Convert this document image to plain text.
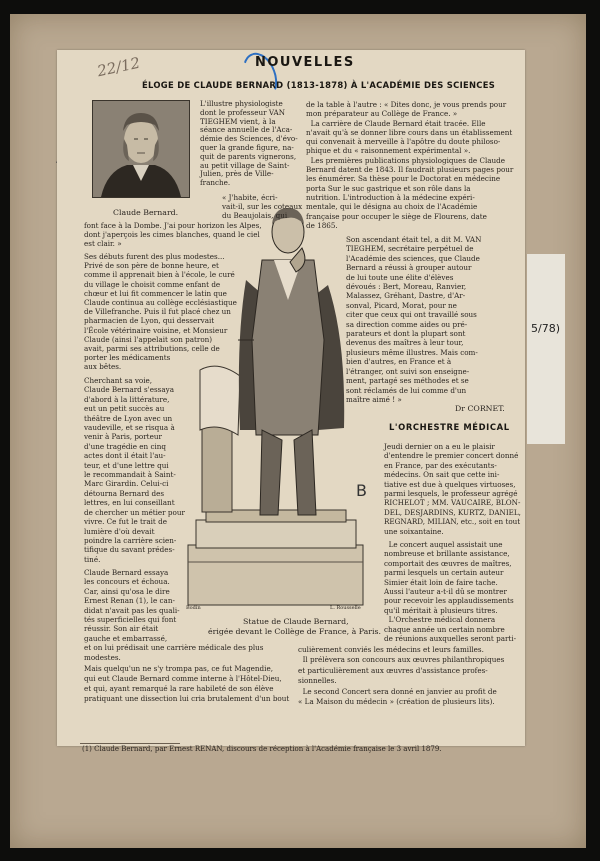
5/78)
22/12	NOUVELLES
ÉLOGE DE CLAUDE BERNARD (1813-1878) À L'ACADÉMIE DES SCIENCES
Claude Bernard.
Bodin	L. Rousselle
Statue de Claude Bernard,
érigée devant le Collège de France, à Paris.
B
L'illustre physiologiste
dont le professeur VAN
TIEGHEM vient, à la
séance annuelle de l'Aca-
démie des Sciences, d'évo-
quer la grande figure, na-
quit de parents vignerons,
au petit village de Saint-
Julien, près de Ville-
franche.
« J'habite, écri-
vait-il, sur les coteaux
du Beaujolais, qui
font face à la Dombe. J'ai pour horizon les Alpes,
dont j'aperçois les cimes blanches, quand le ciel
est clair. »
Ses débuts furent des plus modestes...
Privé de son père de bonne heure, et
comme il apprenait bien à l'école, le curé
du village le choisit comme enfant de
chœur et lui fit commencer le latin que
Claude continua au collège ecclésiastique
de Villefranche. Puis il fut placé chez un
pharmacien de Lyon, qui desservait
l'École vétérinaire voisine, et Monsieur
Claude (ainsi l'appelait son patron)
avait, parmi ses attributions, celle de
porter les médicaments
aux bêtes.
Cherchant sa voie,
Claude Bernard s'essaya
d'abord à la littérature,
eut un petit succès au
théâtre de Lyon avec un
vaudeville, et se risqua à
venir à Paris, porteur
d'une tragédie en cinq
actes dont il était l'au-
teur, et d'une lettre qui
le recommandait à Saint-
Marc Girardin. Celui-ci
détourna Bernard des
lettres, en lui conseillant
de chercher un métier pour
vivre. Ce fut le trait de
lumière d'où devait
poindre la carrière scien-
tifique du savant prédes-
tiné.
Claude Bernard essaya
les concours et échoua.
Car, ainsi qu'osa le dire
Ernest Renan (1), le can-
didat n'avait pas les quali-
tés superficielles qui font
réussir. Son air était
gauche et embarrassé,
et on lui prédisait une carrière médicale des plus
modestes.
Mais quelqu'un ne s'y trompa pas, ce fut Magendie,
qui eut Claude Bernard comme interne à l'Hôtel-Dieu,
et qui, ayant remarqué la rare habileté de son élève
pratiquant une dissection lui cria brutalement d'un bout
de la table à l'autre : « Dites donc, je vous prends pour
mon préparateur au Collège de France. »
La carrière de Claude Bernard était tracée. Elle
n'avait qu'à se donner libre cours dans un établissement
qui convenait à merveille à l'apôtre du doute philoso-
phique et du « raisonnement expérimental ».
Les premières publications physiologiques de Claude
Bernard datent de 1843. Il faudrait plusieurs pages pour
les énumérer. Sa thèse pour le Doctorat en médecine
porta Sur le suc gastrique et son rôle dans la
nutrition. L'introduction à la médecine expéri-
mentale, qui le désigna au choix de l'Académie
française pour occuper le siège de Flourens, date
de 1865.
Son ascendant était tel, a dit M. VAN
TIEGHEM, secrétaire perpétuel de
l'Académie des sciences, que Claude
Bernard a réussi à grouper autour
de lui toute une élite d'élèves
dévoués : Bert, Moreau, Ranvier,
Malassez, Gréhant, Dastre, d'Ar-
sonval, Picard, Morat, pour ne
citer que ceux qui ont travaillé sous
sa direction comme aides ou pré-
parateurs et dont la plupart sont
devenus des maîtres à leur tour,
plusieurs même illustres. Mais com-
bien d'autres, en France et à
l'étranger, ont suivi son enseigne-
ment, partagé ses méthodes et se
sont réclamés de lui comme d'un
maître aimé ! »
Dr CORNET.
L'ORCHESTRE MÉDICAL
Jeudi dernier on a eu le plaisir
d'entendre le premier concert donné
en France, par des exécutants-
médecins. On sait que cette ini-
tiative est due à quelques virtuoses,
parmi lesquels, le professeur agrégé
RICHELOT ; MM. VAUCAIRE, BLON-
DEL, DESJARDINS, KURTZ, DANIEL,
REGNARD, MILIAN, etc., soit en tout
une soixantaine.
Le concert auquel assistait une
nombreuse et brillante assistance,
comportait des œuvres de maîtres,
parmi lesquels un certain auteur
Simier était loin de faire tache.
Aussi l'auteur a-t-il dû se montrer
pour recevoir les applaudissements
qu'il méritait à plusieurs titres.
L'Orchestre médical donnera
chaque année un certain nombre
de réunions auxquelles seront parti-
culièrement conviés les médecins et leurs familles.
Il prélèvera son concours aux œuvres philanthropiques
et particulièrement aux œuvres d'assistance profes-
sionnelles.
Le second Concert sera donné en janvier au profit de
« La Maison du médecin » (création de plusieurs lits).
(1) Claude Bernard, par Ernest RENAN, discours de réception à l'Académie française le 3 avril 1879.
